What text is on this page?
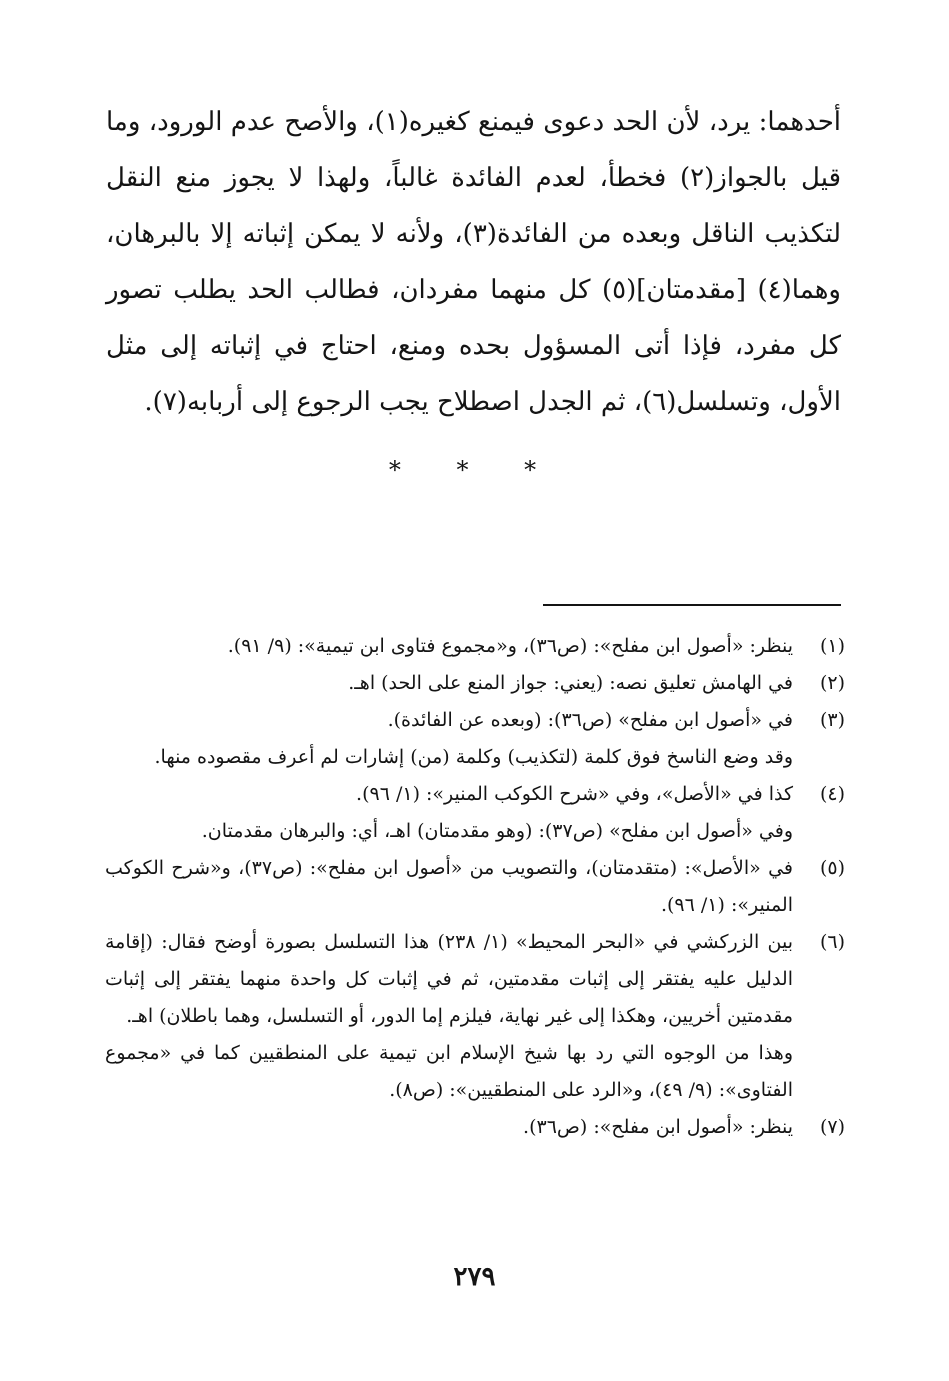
أحدهما: يرد، لأن الحد دعوى فيمنع كغيره(١)، والأصح عدم الورود، وما قيل بالجواز(٢) فخطأ، لعدم الفائدة غالباً، ولهذا لا يجوز منع النقل لتكذيب الناقل وبعده من الفائدة(٣)، ولأنه لا يمكن إثباته إلا بالبرهان، وهما(٤) [مقدمتان](٥) كل منهما مفردان، فطالب الحد يطلب تصور كل مفرد، فإذا أتى المسؤول بحده ومنع، احتاج في إثباته إلى مثل الأول، وتسلسل(٦)، ثم الجدل اصطلاح يجب الرجوع إلى أربابه(٧).

* * *
(١)

ينظر: «أصول ابن مفلح»: (ص٣٦)، و«مجموع فتاوى ابن تيمية»: (٩/ ٩١).

(٢)

في الهامش تعليق نصه: (يعني: جواز المنع على الحد) اهـ.

(٣)

في «أصول ابن مفلح» (ص٣٦): (وبعده عن الفائدة).

وقد وضع الناسخ فوق كلمة (لتكذيب) وكلمة (من) إشارات لم أعرف مقصوده منها.

(٤)

كذا في «الأصل»، وفي «شرح الكوكب المنير»: (١/ ٩٦).

وفي «أصول ابن مفلح» (ص٣٧): (وهو مقدمتان) اهـ، أي: والبرهان مقدمتان.

(٥)

في «الأصل»: (متقدمتان)، والتصويب من «أصول ابن مفلح»: (ص٣٧)، و«شرح الكوكب المنير»: (١/ ٩٦).

(٦)

بين الزركشي في «البحر المحيط» (١/ ٢٣٨) هذا التسلسل بصورة أوضح فقال: (إقامة الدليل عليه يفتقر إلى إثبات مقدمتين، ثم في إثبات كل واحدة منهما يفتقر إلى إثبات مقدمتين أخريين، وهكذا إلى غير نهاية، فيلزم إما الدور، أو التسلسل، وهما باطلان) اهـ.

وهذا من الوجوه التي رد بها شيخ الإسلام ابن تيمية على المنطقيين كما في «مجموع الفتاوى»: (٩/ ٤٩)، و«الرد على المنطقيين»: (ص٨).

(٧)

ينظر: «أصول ابن مفلح»: (ص٣٦).

٢٧٩
